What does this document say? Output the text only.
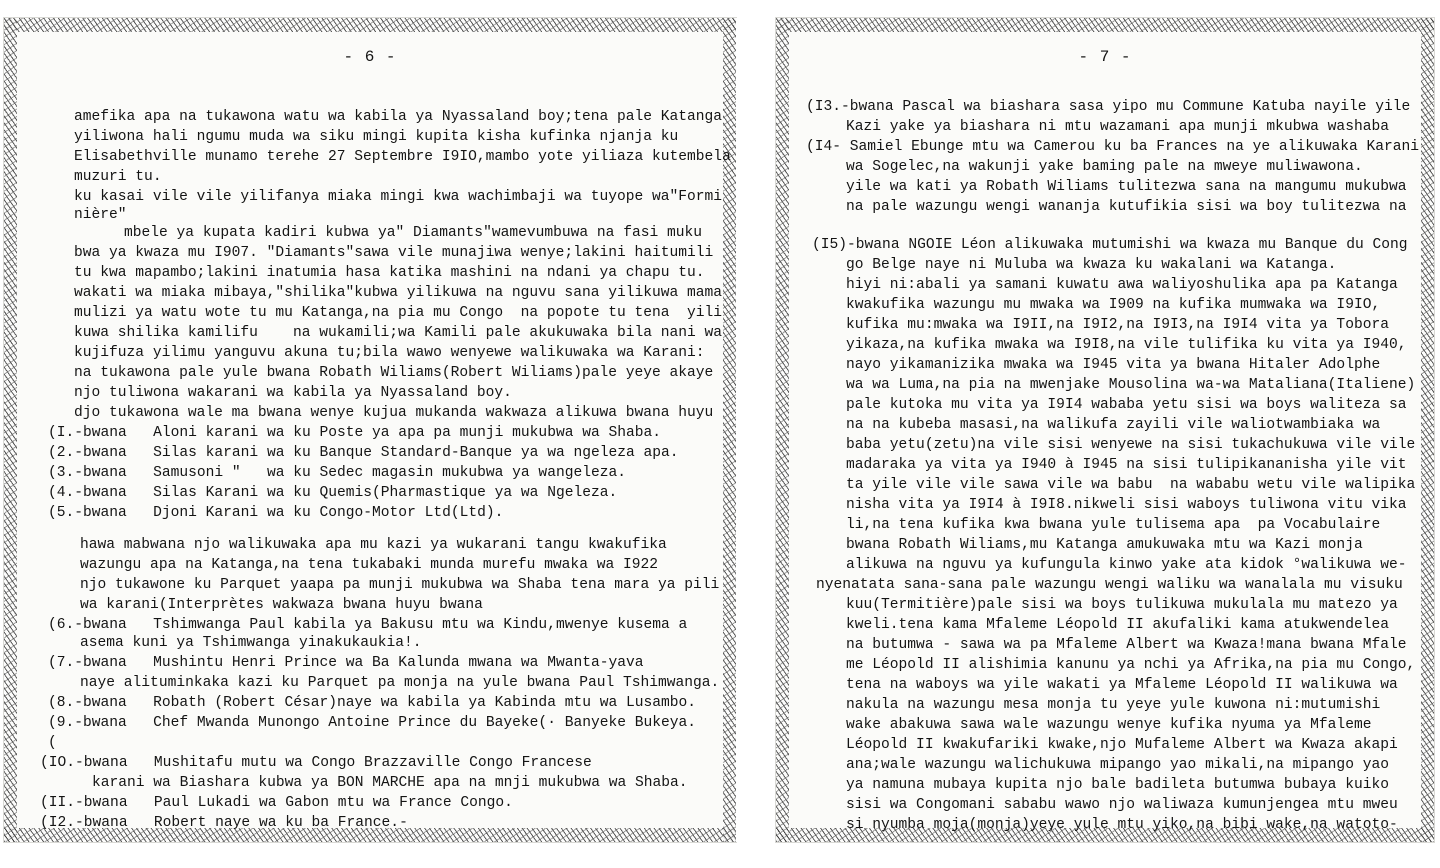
- 6 -
amefika apa na tukawona watu wa kabila ya Nyassaland boy;tena pale Katanga
yiliwona hali ngumu muda wa siku mingi kupita kisha kufinka njanja ku
Elisabethville munamo terehe 27 Septembre I9IO,mambo yote yiliaza kutembela
muzuri tu.
ku kasai vile vile yilifanya miaka mingi kwa wachimbaji wa tuyope wa"Formi
nière"
mbele ya kupata kadiri kubwa ya" Diamants"wamevumbuwa na fasi muku
bwa ya kwaza mu I907. "Diamants"sawa vile munajiwa wenye;lakini haitumili
tu kwa mapambo;lakini inatumia hasa katika mashini na ndani ya chapu tu.
wakati wa miaka mibaya,"shilika"kubwa yilikuwa na nguvu sana yilikuwa mama
mulizi ya watu wote tu mu Katanga,na pia mu Congo  na popote tu tena  yili
kuwa shilika kamilifu    na wukamili;wa Kamili pale akukuwaka bila nani wa
kujifuza yilimu yanguvu akuna tu;bila wawo wenyewe walikuwaka wa Karani:
na tukawona pale yule bwana Robath Wiliams(Robert Wiliams)pale yeye akaye
njo tuliwona wakarani wa kabila ya Nyassaland boy.
djo tukawona wale ma bwana wenye kujua mukanda wakwaza alikuwa bwana huyu
(I.-bwana   Aloni karani wa ku Poste ya apa pa munji mukubwa wa Shaba.
(2.-bwana   Silas karani wa ku Banque Standard-Banque ya wa ngeleza apa.
(3.-bwana   Samusoni "   wa ku Sedec magasin mukubwa ya wangeleza.
(4.-bwana   Silas Karani wa ku Quemis(Pharmastique ya wa Ngeleza.
(5.-bwana   Djoni Karani wa ku Congo-Motor Ltd(Ltd).
hawa mabwana njo walikuwaka apa mu kazi ya wukarani tangu kwakufika
wazungu apa na Katanga,na tena tukabaki munda murefu mwaka wa I922
njo tukawone ku Parquet yaapa pa munji mukubwa wa Shaba tena mara ya pili
wa karani(Interprètes wakwaza bwana huyu bwana
(6.-bwana   Tshimwanga Paul kabila ya Bakusu mtu wa Kindu,mwenye kusema a
asema kuni ya Tshimwanga yinakukaukia!.
(7.-bwana   Mushintu Henri Prince wa Ba Kalunda mwana wa Mwanta-yava
naye alituminkaka kazi ku Parquet pa monja na yule bwana Paul Tshimwanga.
(8.-bwana   Robath (Robert César)naye wa kabila ya Kabinda mtu wa Lusambo.
(9.-bwana   Chef Mwanda Munongo Antoine Prince du Bayeke(· Banyeke Bukeya.
(
(IO.-bwana   Mushitafu mutu wa Congo Brazzaville Congo Francese
karani wa Biashara kubwa ya BON MARCHE apa na mnji mukubwa wa Shaba.
(II.-bwana   Paul Lukadi wa Gabon mtu wa France Congo.
(I2.-bwana   Robert naye wa ku ba France.-
- 7 -
(I3.-bwana Pascal wa biashara sasa yipo mu Commune Katuba nayile yile
Kazi yake ya biashara ni mtu wazamani apa munji mkubwa washaba
(I4- Samiel Ebunge mtu wa Camerou ku ba Frances na ye alikuwaka Karani
wa Sogelec,na wakunji yake baming pale na mweye muliwawona.
yile wa kati ya Robath Wiliams tulitezwa sana na mangumu mukubwa
na pale wazungu wengi wananja kutufikia sisi wa boy tulitezwa na
(I5)-bwana NGOIE Léon alikuwaka mutumishi wa kwaza mu Banque du Cong
go Belge naye ni Muluba wa kwaza ku wakalani wa Katanga.
hiyi ni:abali ya samani kuwatu awa waliyoshulika apa pa Katanga
kwakufika wazungu mu mwaka wa I909 na kufika mumwaka wa I9IO,
kufika mu:mwaka wa I9II,na I9I2,na I9I3,na I9I4 vita ya Tobora
yikaza,na kufika mwaka wa I9I8,na vile tulifika ku vita ya I940,
nayo yikamanizika mwaka wa I945 vita ya bwana Hitaler Adolphe
wa wa Luma,na pia na mwenjake Mousolina wa-wa Mataliana(Italiene)
pale kutoka mu vita ya I9I4 wababa yetu sisi wa boys waliteza sa
na na kubeba masasi,na walikufa zayili vile waliotwambiaka wa
baba yetu(zetu)na vile sisi wenyewe na sisi tukachukuwa vile vile
madaraka ya vita ya I940 à I945 na sisi tulipikananisha yile vit
ta yile vile vile sawa vile wa babu  na wababu wetu vile walipika
nisha vita ya I9I4 à I9I8.nikweli sisi waboys tuliwona vitu vika
li,na tena kufika kwa bwana yule tulisema apa  pa Vocabulaire
bwana Robath Wiliams,mu Katanga amukuwaka mtu wa Kazi monja
alikuwa na nguvu ya kufungula kinwo yake ata kidok °walikuwa we-
nyenatata sana-sana pale wazungu wengi waliku wa wanalala mu visuku
kuu(Termitière)pale sisi wa boys tulikuwa mukulala mu matezo ya
kweli.tena kama Mfaleme Léopold II akufaliki kama atukwendelea
na butumwa - sawa wa pa Mfaleme Albert wa Kwaza!mana bwana Mfale
me Léopold II alishimia kanunu ya nchi ya Afrika,na pia mu Congo,
tena na waboys wa yile wakati ya Mfaleme Léopold II walikuwa wa
nakula na wazungu mesa monja tu yeye yule kuwona ni:mutumishi
wake abakuwa sawa wale wazungu wenye kufika nyuma ya Mfaleme
Léopold II kwakufariki kwake,njo Mufaleme Albert wa Kwaza akapi
ana;wale wazungu walichukuwa mipango yao mikali,na mipango yao
ya namuna mubaya kupita njo bale badileta butumwa bubaya kuiko
sisi wa Congomani sababu wawo njo waliwaza kumunjengea mtu mweu
si nyumba moja(monja)yeye yule mtu yiko,na bibi wake,na watoto-
